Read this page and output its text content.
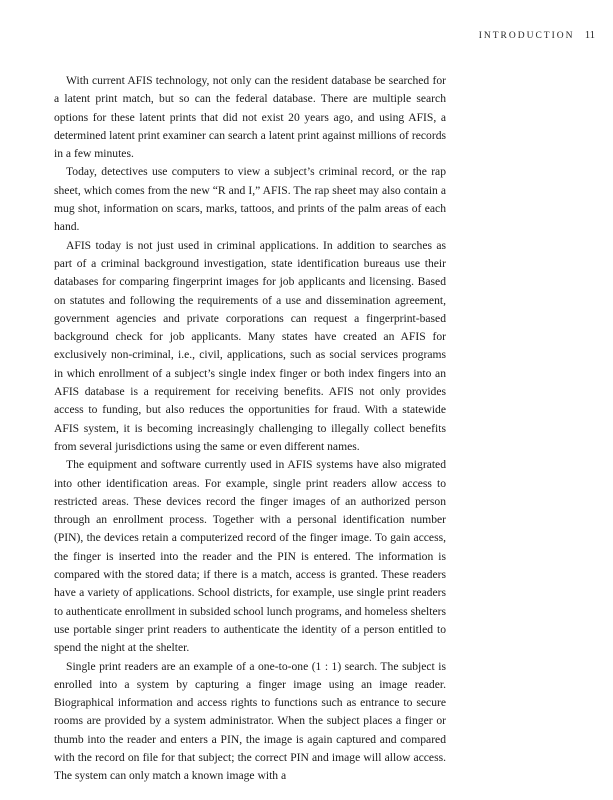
INTRODUCTION 11

With current AFIS technology, not only can the resident database be searched for a latent print match, but so can the federal database. There are multiple search options for these latent prints that did not exist 20 years ago, and using AFIS, a determined latent print examiner can search a latent print against millions of records in a few minutes.

Today, detectives use computers to view a subject’s criminal record, or the rap sheet, which comes from the new “R and I,” AFIS. The rap sheet may also contain a mug shot, information on scars, marks, tattoos, and prints of the palm areas of each hand.

AFIS today is not just used in criminal applications. In addition to searches as part of a criminal background investigation, state identification bureaus use their databases for comparing fingerprint images for job applicants and licensing. Based on statutes and following the requirements of a use and dissemination agreement, government agencies and private corporations can request a fingerprint-based background check for job applicants. Many states have created an AFIS for exclusively non-criminal, i.e., civil, applications, such as social services programs in which enrollment of a subject’s single index finger or both index fingers into an AFIS database is a requirement for receiving benefits. AFIS not only provides access to funding, but also reduces the opportunities for fraud. With a statewide AFIS system, it is becoming increasingly challenging to illegally collect benefits from several jurisdictions using the same or even different names.

The equipment and software currently used in AFIS systems have also migrated into other identification areas. For example, single print readers allow access to restricted areas. These devices record the finger images of an authorized person through an enrollment process. Together with a personal identification number (PIN), the devices retain a computerized record of the finger image. To gain access, the finger is inserted into the reader and the PIN is entered. The information is compared with the stored data; if there is a match, access is granted. These readers have a variety of applications. School districts, for example, use single print readers to authenticate enrollment in subsided school lunch programs, and homeless shelters use portable singer print readers to authenticate the identity of a person entitled to spend the night at the shelter.

Single print readers are an example of a one-to-one (1 : 1) search. The subject is enrolled into a system by capturing a finger image using an image reader. Biographical information and access rights to functions such as entrance to secure rooms are provided by a system administrator. When the subject places a finger or thumb into the reader and enters a PIN, the image is again captured and compared with the record on file for that subject; the correct PIN and image will allow access. The system can only match a known image with a
